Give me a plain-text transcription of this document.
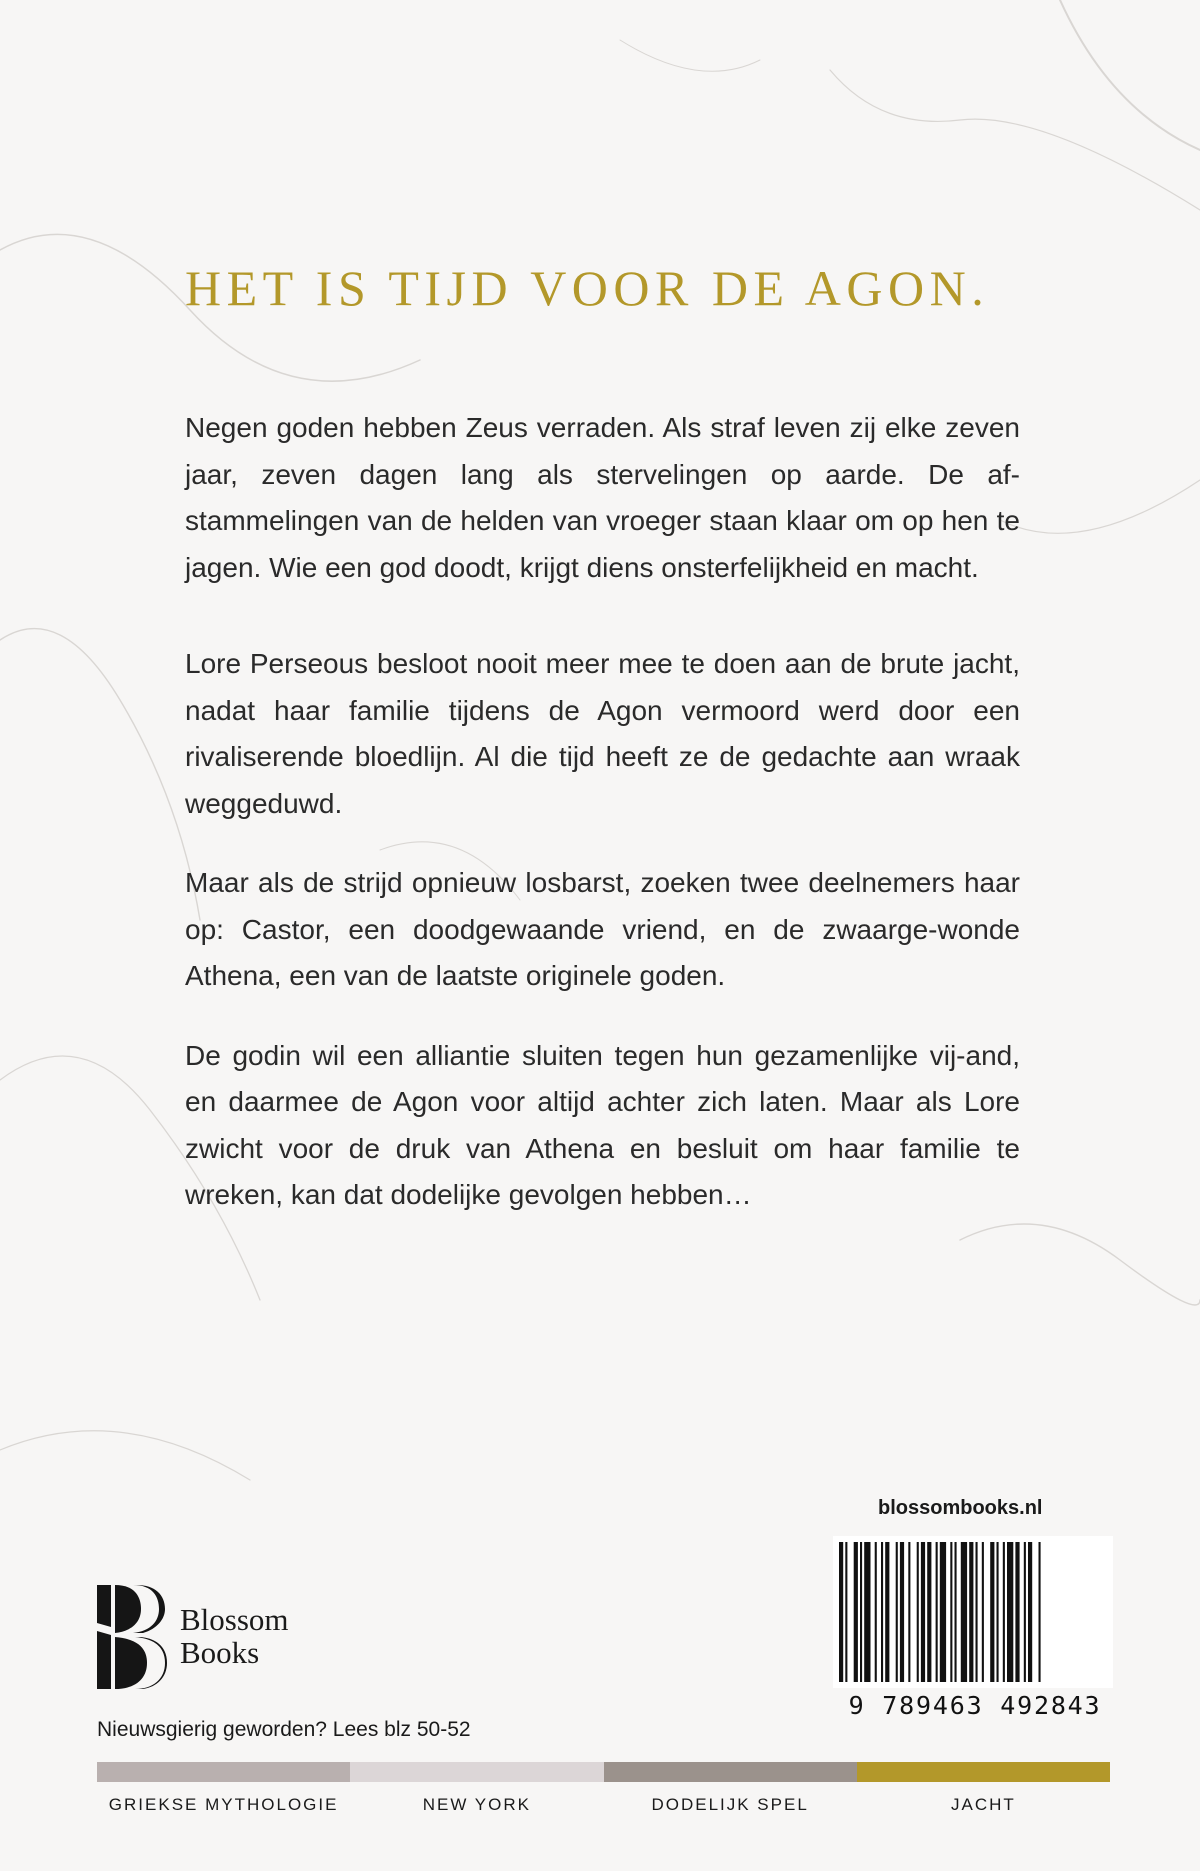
HET IS TIJD VOOR DE AGON.

Negen goden hebben Zeus verraden. Als straf leven zij elke zeven jaar, zeven dagen lang als stervelingen op aarde. De af-stammelingen van de helden van vroeger staan klaar om op hen te jagen. Wie een god doodt, krijgt diens onsterfelijkheid en macht.

Lore Perseous besloot nooit meer mee te doen aan de brute jacht, nadat haar familie tijdens de Agon vermoord werd door een rivaliserende bloedlijn. Al die tijd heeft ze de gedachte aan wraak weggeduwd.

Maar als de strijd opnieuw losbarst, zoeken twee deelnemers haar op: Castor, een doodgewaande vriend, en de zwaarge-wonde Athena, een van de laatste originele goden.

De godin wil een alliantie sluiten tegen hun gezamenlijke vij-and, en daarmee de Agon voor altijd achter zich laten. Maar als Lore zwicht voor de druk van Athena en besluit om haar familie te wreken, kan dat dodelijke gevolgen hebben…

blossombooks.nl
9 789463 492843
Blossom
Books
Nieuwsgierig geworden? Lees blz 50-52
GRIEKSE MYTHOLOGIE	NEW YORK	DODELIJK SPEL	JACHT
